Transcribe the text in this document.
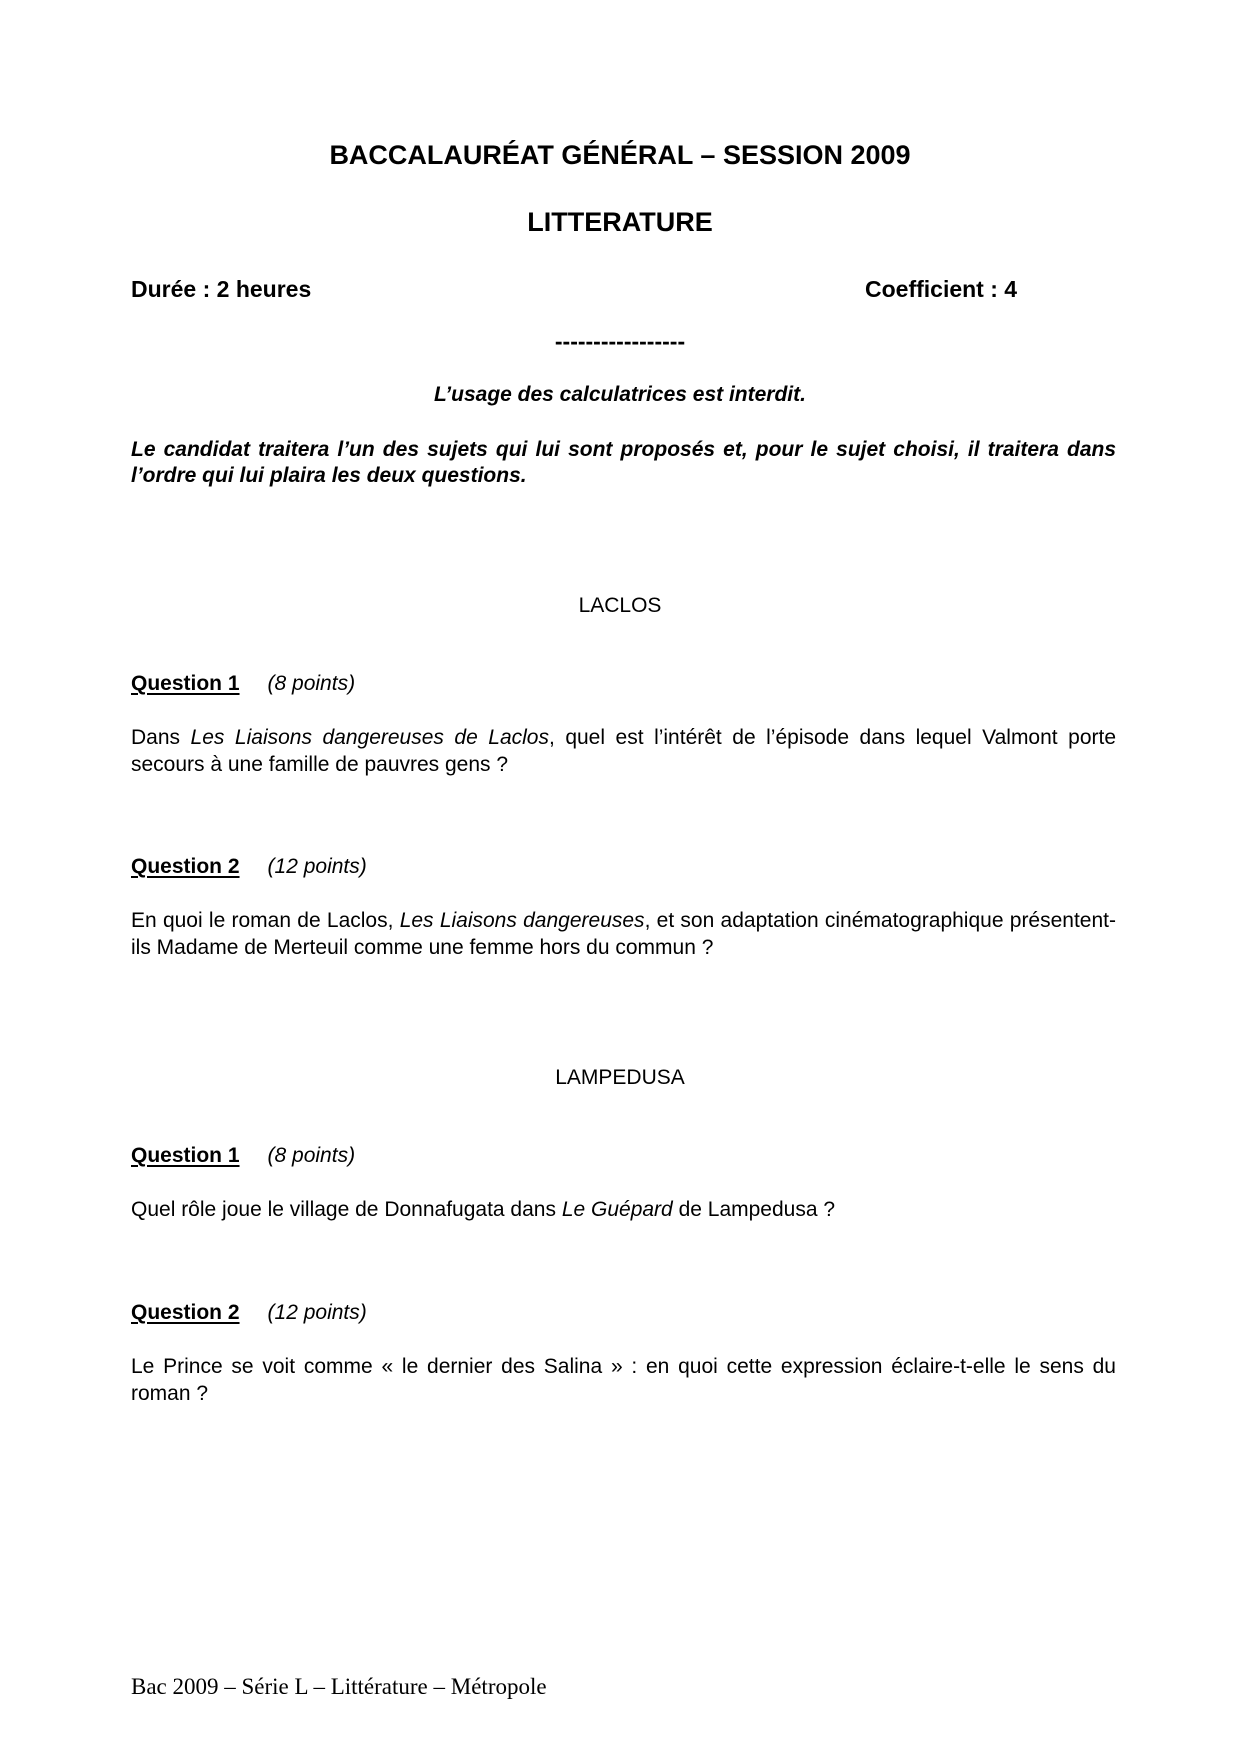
BACCALAURÉAT GÉNÉRAL – SESSION 2009
LITTERATURE
Durée : 2 heures	Coefficient : 4
-----------------
L’usage des calculatrices est interdit.

Le candidat traitera l’un des sujets qui lui sont proposés et, pour le sujet choisi, il traitera dans l’ordre qui lui plaira les deux questions.

LACLOS
Question 1 (8 points)

Dans Les Liaisons dangereuses de Laclos, quel est l’intérêt de l’épisode dans lequel Valmont porte secours à une famille de pauvres gens ?

Question 2 (12 points)

En quoi le roman de Laclos, Les Liaisons dangereuses, et son adaptation cinématographique présentent-ils Madame de Merteuil comme une femme hors du commun ?

LAMPEDUSA
Question 1 (8 points)

Quel rôle joue le village de Donnafugata dans Le Guépard de Lampedusa ?

Question 2 (12 points)

Le Prince se voit comme « le dernier des Salina » : en quoi cette expression éclaire-t-elle le sens du roman ?

Bac 2009 – Série L – Littérature – Métropole
